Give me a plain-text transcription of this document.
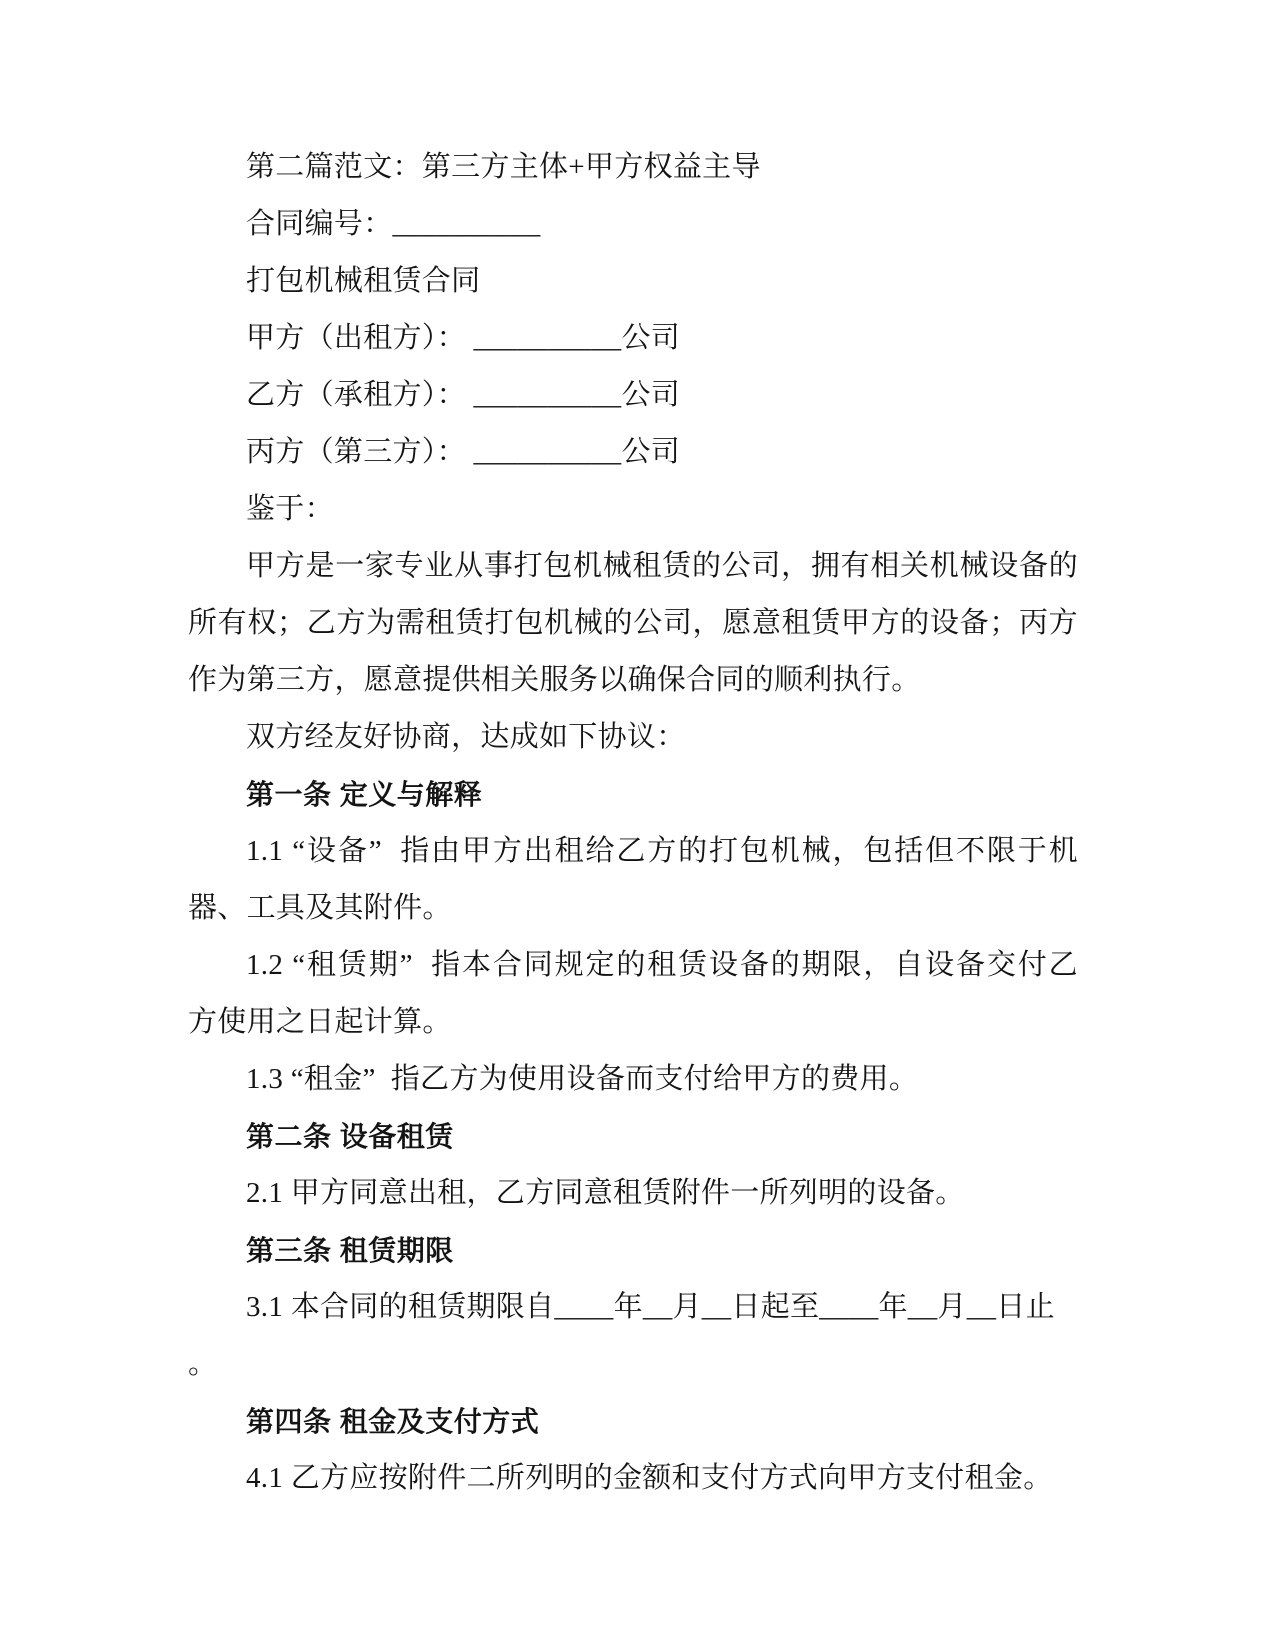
第二篇范文：第三方主体+甲方权益主导
合同编号：__________
打包机械租赁合同
甲方（出租方）： __________公司
乙方（承租方）： __________公司
丙方（第三方）： __________公司
鉴于：
甲方是一家专业从事打包机械租赁的公司，拥有相关机械设备的
所有权；乙方为需租赁打包机械的公司，愿意租赁甲方的设备；丙方
作为第三方，愿意提供相关服务以确保合同的顺利执行。
双方经友好协商，达成如下协议：
第一条 定义与解释
1.1 “设备”  指由甲方出租给乙方的打包机械，包括但不限于机
器、工具及其附件。
1.2 “租赁期”  指本合同规定的租赁设备的期限，自设备交付乙
方使用之日起计算。
1.3 “租金”  指乙方为使用设备而支付给甲方的费用。
第二条 设备租赁
2.1 甲方同意出租，乙方同意租赁附件一所列明的设备。
第三条 租赁期限
3.1 本合同的租赁期限自____年__月__日起至____年__月__日止
。
第四条 租金及支付方式
4.1 乙方应按附件二所列明的金额和支付方式向甲方支付租金。
